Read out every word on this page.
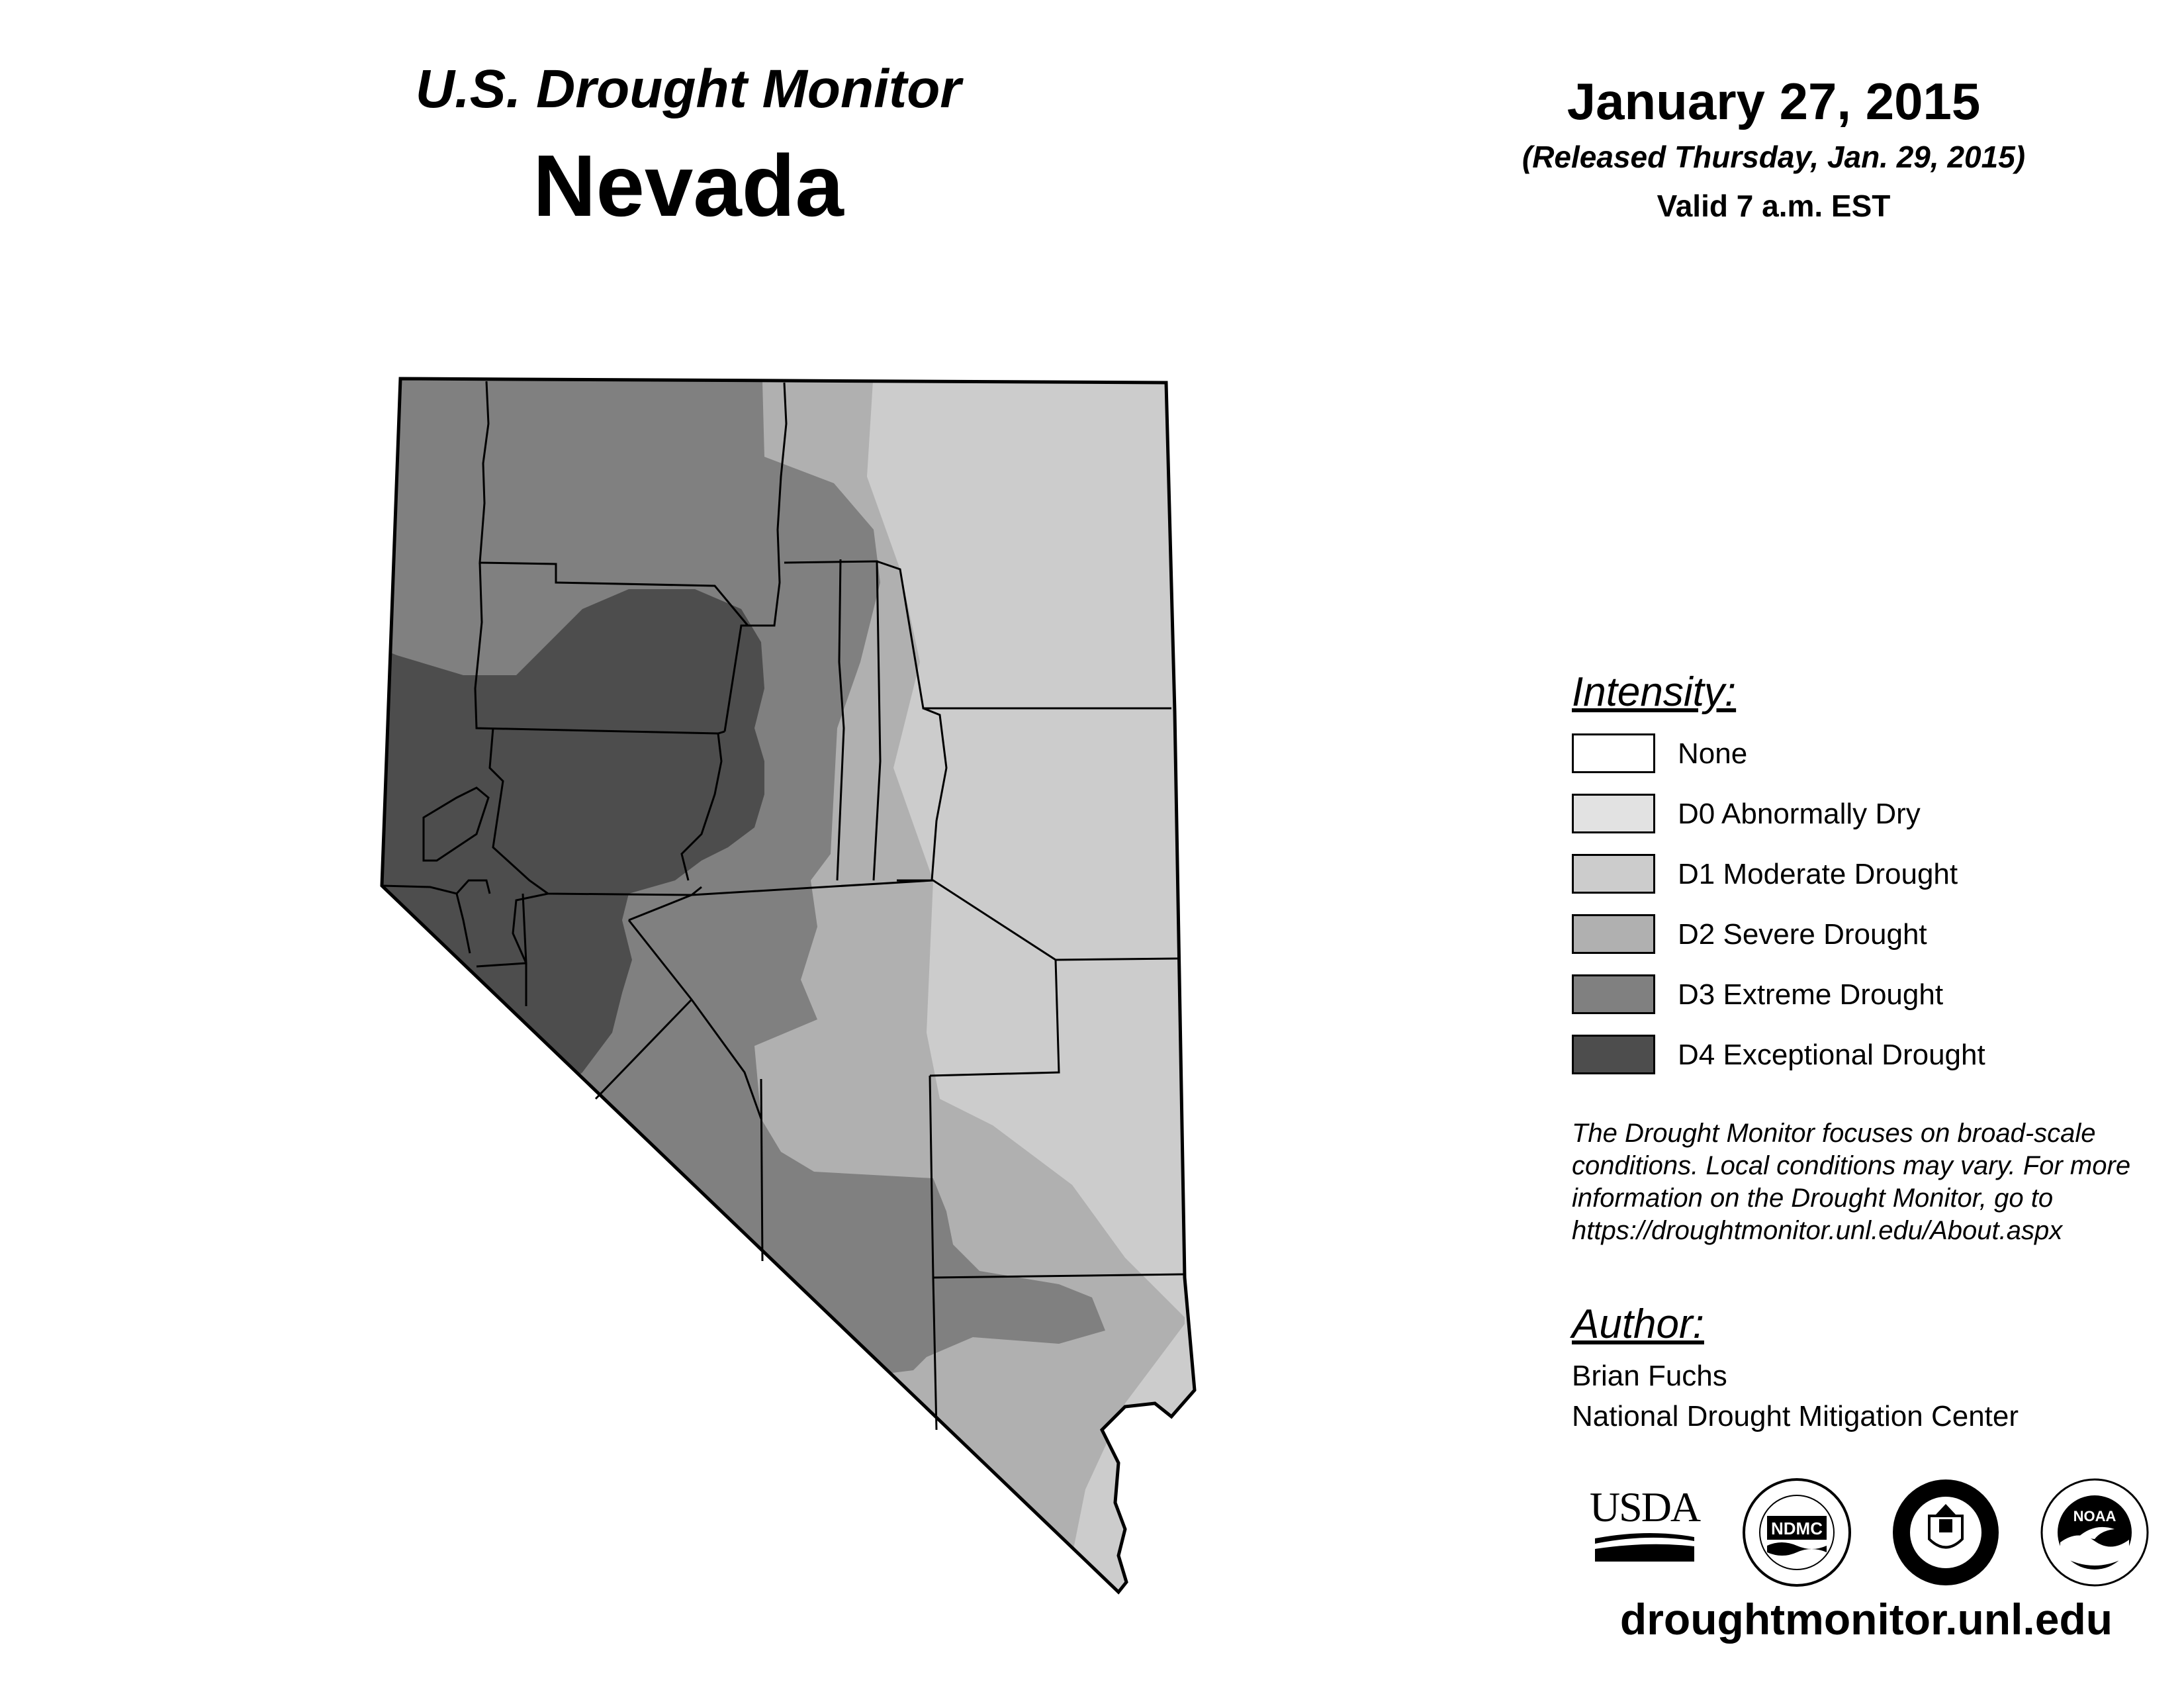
U.S. Drought Monitor
Nevada
January 27, 2015
(Released Thursday, Jan. 29, 2015)
Valid 7 a.m. EST
Intensity:
None
D0 Abnormally Dry
D1 Moderate Drought
D2 Severe Drought
D3 Extreme Drought
D4 Exceptional Drought
The Drought Monitor focuses on broad-scale conditions. Local conditions may vary. For more information on the Drought Monitor, go to https://droughtmonitor.unl.edu/About.aspx
Author:
Brian Fuchs
National Drought Mitigation Center
USDA	NDMC
NOAA
droughtmonitor.unl.edu
